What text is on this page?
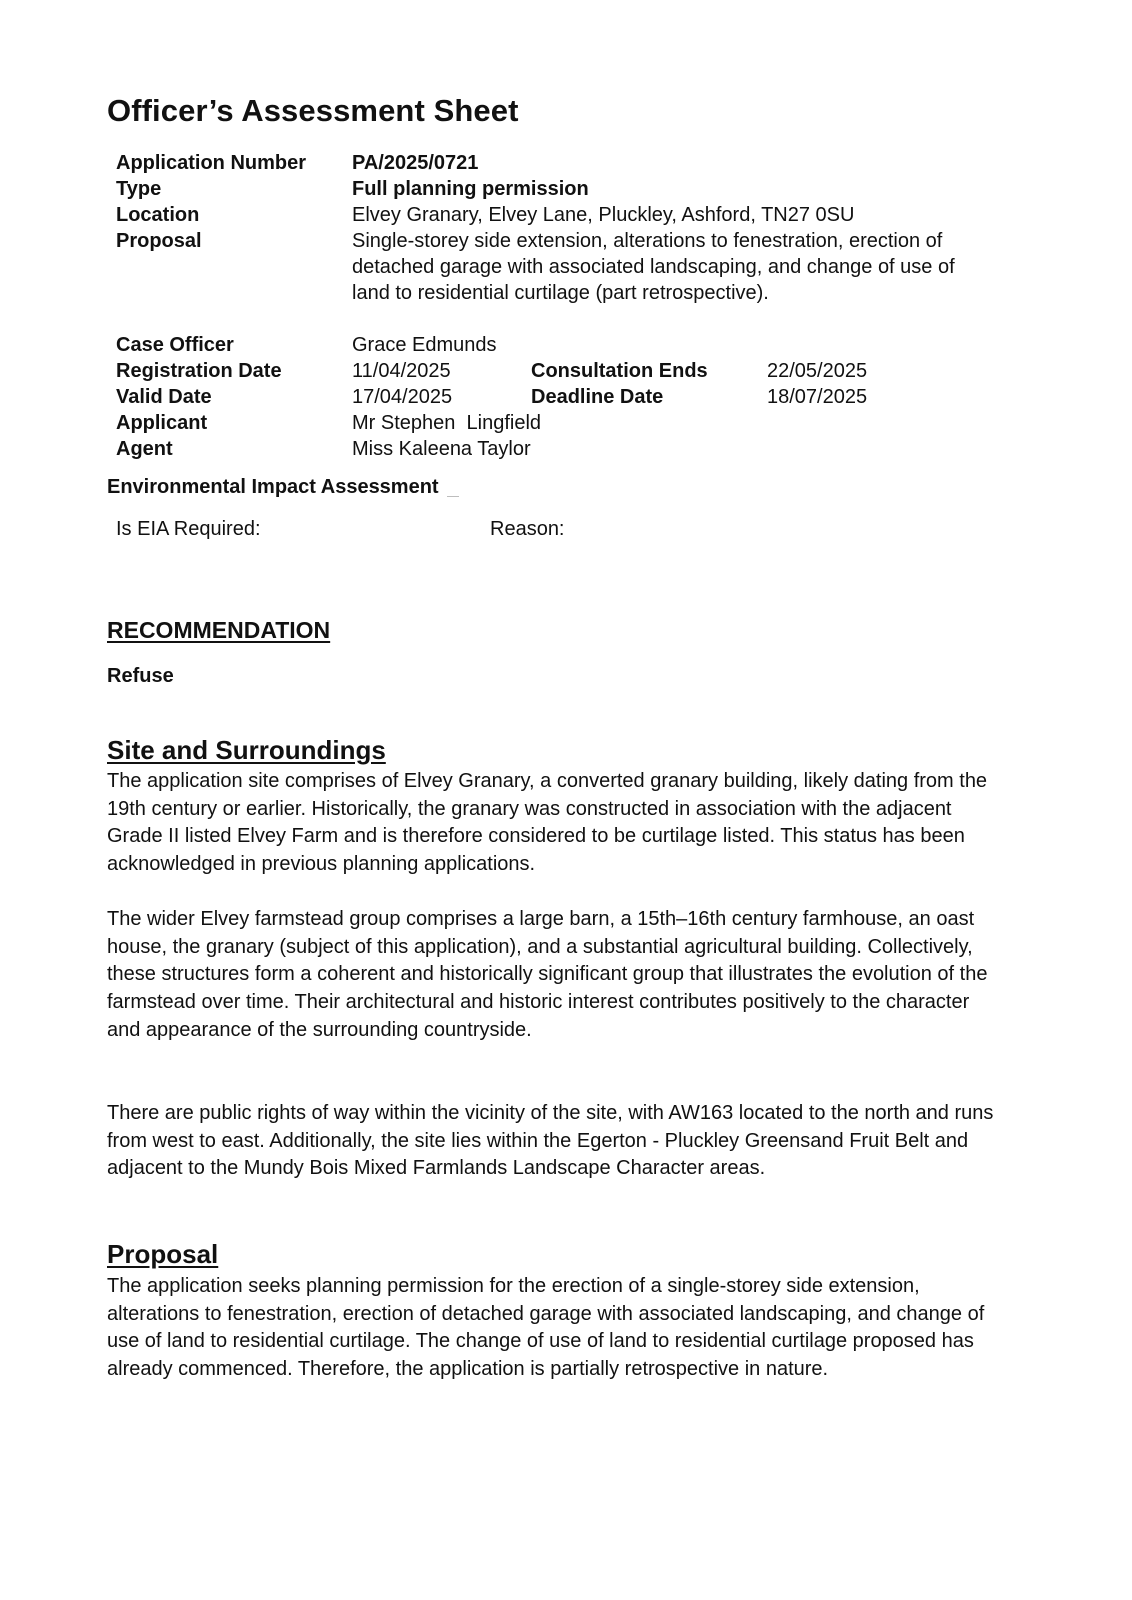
Officer’s Assessment Sheet
Application Number PA/2025/0721
Type	Full planning permission
Location	Elvey Granary, Elvey Lane, Pluckley, Ashford, TN27 0SU
Proposal	Single-storey side extension, alterations to fenestration, erection of detached garage with associated landscaping, and change of use of land to residential curtilage (part retrospective).
Case Officer	Grace Edmunds
Registration Date	11/04/2025	Consultation Ends	22/05/2025
Valid Date	17/04/2025	Deadline Date	18/07/2025
Applicant	Mr Stephen  Lingfield
Agent	Miss Kaleena Taylor
Environmental Impact Assessment
Is EIA Required:	Reason:
RECOMMENDATION
Refuse
Site and Surroundings

The application site comprises of Elvey Granary, a converted granary building, likely dating from the 19th century or earlier. Historically, the granary was constructed in association with the adjacent Grade II listed Elvey Farm and is therefore considered to be curtilage listed. This status has been acknowledged in previous planning applications.

The wider Elvey farmstead group comprises a large barn, a 15th–16th century farmhouse, an oast house, the granary (subject of this application), and a substantial agricultural building. Collectively, these structures form a coherent and historically significant group that illustrates the evolution of the farmstead over time. Their architectural and historic interest contributes positively to the character and appearance of the surrounding countryside.

There are public rights of way within the vicinity of the site, with AW163 located to the north and runs from west to east. Additionally, the site lies within the Egerton - Pluckley Greensand Fruit Belt and adjacent to the Mundy Bois Mixed Farmlands Landscape Character areas.

Proposal

The application seeks planning permission for the erection of a single-storey side extension, alterations to fenestration, erection of detached garage with associated landscaping, and change of use of land to residential curtilage. The change of use of land to residential curtilage proposed has already commenced. Therefore, the application is partially retrospective in nature.
